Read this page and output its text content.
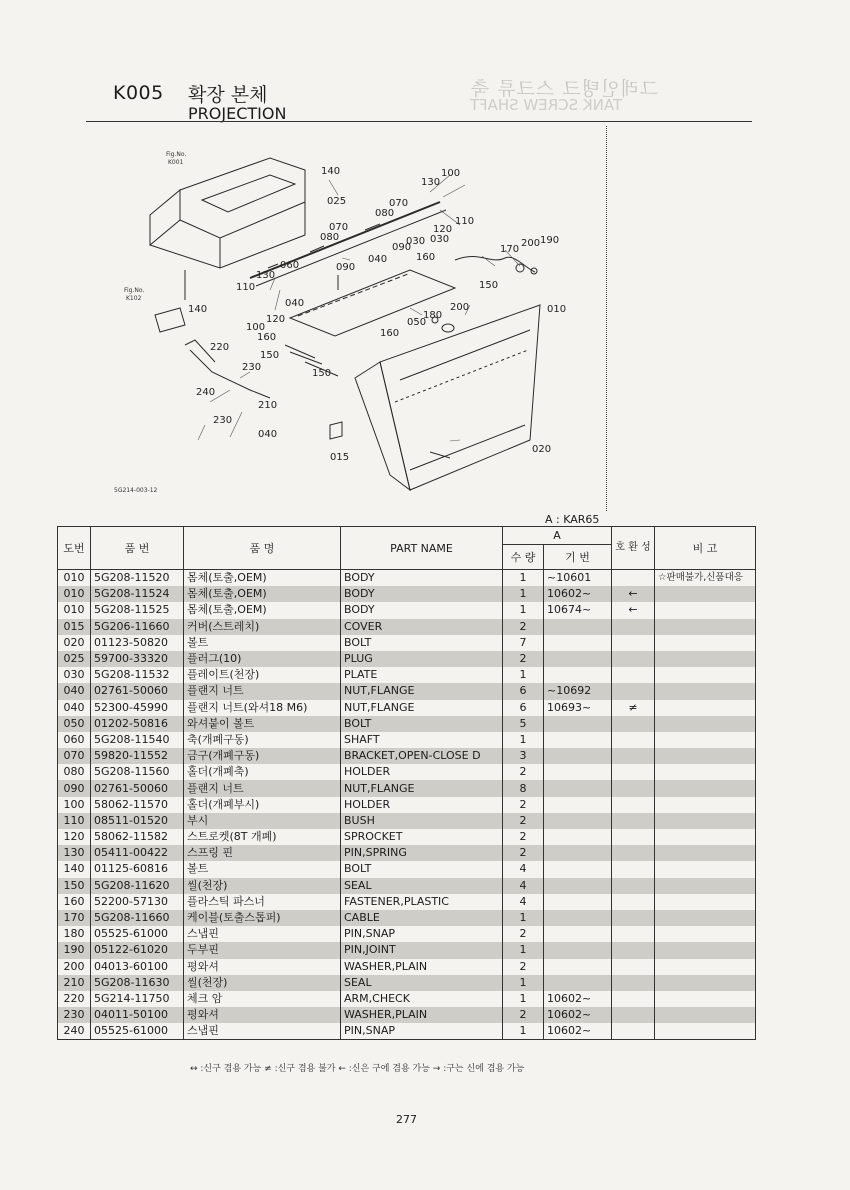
그레인탱크 스크류 축
TANK SCREW SHAFT
K005 확장 본체
PROJECTION
Fig.No.
K001
Fig.No.
K102
5G214-003-12
140	100
130
025
080
070
110
120
030
070
080
090	200 190
170
130
060	090
040	160
150
110
140
040	200	010
120	050
180
100
160	160
220
150
150
230
240
210
230
040
015
020
030
A : KAR65
도번	품 번	품 명	PART NAME	A		호 환 성	비 고
				수 량	기 번		
010	5G208-11520	몸체(토출,OEM)	BODY	1	~10601		☆판매불가,신품대응
010	5G208-11524	몸체(토출,OEM)	BODY	1	10602~	←	
010	5G208-11525	몸체(토출,OEM)	BODY	1	10674~	←	
015	5G206-11660	커버(스트레치)	COVER	2			
020	01123-50820	볼트	BOLT	7			
025	59700-33320	플러그(10)	PLUG	2			
030	5G208-11532	플레이트(천장)	PLATE	1			
040	02761-50060	플랜지 너트	NUT,FLANGE	6	~10692		
040	52300-45990	플랜지 너트(와셔18 M6)	NUT,FLANGE	6	10693~	≠	
050	01202-50816	와셔붙이 볼트	BOLT	5			
060	5G208-11540	축(개폐구동)	SHAFT	1			
070	59820-11552	금구(개폐구동)	BRACKET,OPEN-CLOSE D	3			
080	5G208-11560	홀더(개폐축)	HOLDER	2			
090	02761-50060	플랜지 너트	NUT,FLANGE	8			
100	58062-11570	홀더(개폐부시)	HOLDER	2			
110	08511-01520	부시	BUSH	2			
120	58062-11582	스트로켓(8T 개폐)	SPROCKET	2			
130	05411-00422	스프링 핀	PIN,SPRING	2			
140	01125-60816	볼트	BOLT	4			
150	5G208-11620	씰(천장)	SEAL	4			
160	52200-57130	플라스틱 파스너	FASTENER,PLASTIC	4			
170	5G208-11660	케이블(토출스톱퍼)	CABLE	1			
180	05525-61000	스냅핀	PIN,SNAP	2			
190	05122-61020	두부핀	PIN,JOINT	1			
200	04013-60100	평와셔	WASHER,PLAIN	2			
210	5G208-11630	씰(천장)	SEAL	1			
220	5G214-11750	체크 암	ARM,CHECK	1	10602~		
230	04011-50100	평와셔	WASHER,PLAIN	2	10602~		
240	05525-61000	스냅핀	PIN,SNAP	1	10602~		
↔ :신구 겸용 가능 ≠ :신구 겸용 불가 ← :신은 구에 겸용 가능 → :구는 신에 겸용 가능
277
